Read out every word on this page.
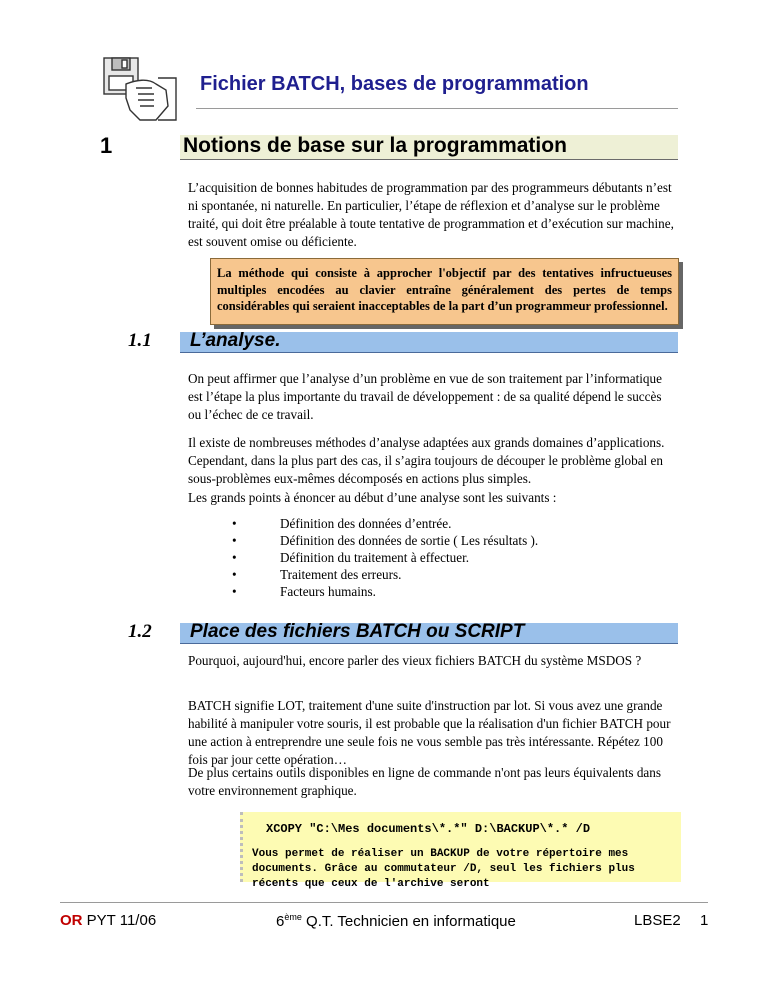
Fichier BATCH, bases de programmation
1	Notions de base sur la programmation
L’acquisition de bonnes habitudes de programmation par des programmeurs débutants n’est ni spontanée, ni naturelle. En particulier, l’étape de réflexion et d’analyse sur le problème traité, qui doit être préalable à toute tentative de programmation et d’exécution sur machine, est souvent omise ou déficiente.
La méthode qui consiste à approcher l'objectif par des tentatives infructueuses multiples encodées au clavier entraîne généralement des pertes de temps considérables qui seraient inacceptables de la part d’un programmeur professionnel.
1.1 L’analyse.
On peut affirmer que l’analyse d’un problème en vue de son traitement par l’informatique est l’étape la plus importante du travail de développement : de sa qualité dépend le succès ou l’échec de ce travail.
Il existe de nombreuses méthodes d’analyse adaptées aux grands domaines d’applications. Cependant, dans la plus part des cas, il s’agira toujours de découper le problème global en sous-problèmes eux-mêmes décomposés en actions plus simples.
Les grands points à énoncer au début d’une analyse sont les suivants :
• Définition des données d’entrée.
• Définition des données de sortie ( Les résultats ).
• Définition du traitement à effectuer.
• Traitement des erreurs.
• Facteurs humains.
1.2 Place des fichiers BATCH ou SCRIPT
Pourquoi, aujourd'hui, encore parler des vieux fichiers BATCH du système MSDOS ?
BATCH signifie LOT, traitement d'une suite d'instruction par lot. Si vous avez une grande habilité à manipuler votre souris, il est probable que la réalisation d'un fichier BATCH pour une action à entreprendre une seule fois ne vous semble pas très intéressante. Répétez 100 fois par jour cette opération…
De plus certains outils disponibles en ligne de commande n'ont pas leurs équivalents dans votre environnement graphique.
XCOPY "C:\Mes documents\*.*" D:\BACKUP\*.* /D
Vous permet de réaliser un BACKUP de votre répertoire mes documents. Grâce au commutateur /D, seul les fichiers plus récents que ceux de l'archive seront
OR PYT 11/06	6ème Q.T. Technicien en informatique	LBSE2 1
